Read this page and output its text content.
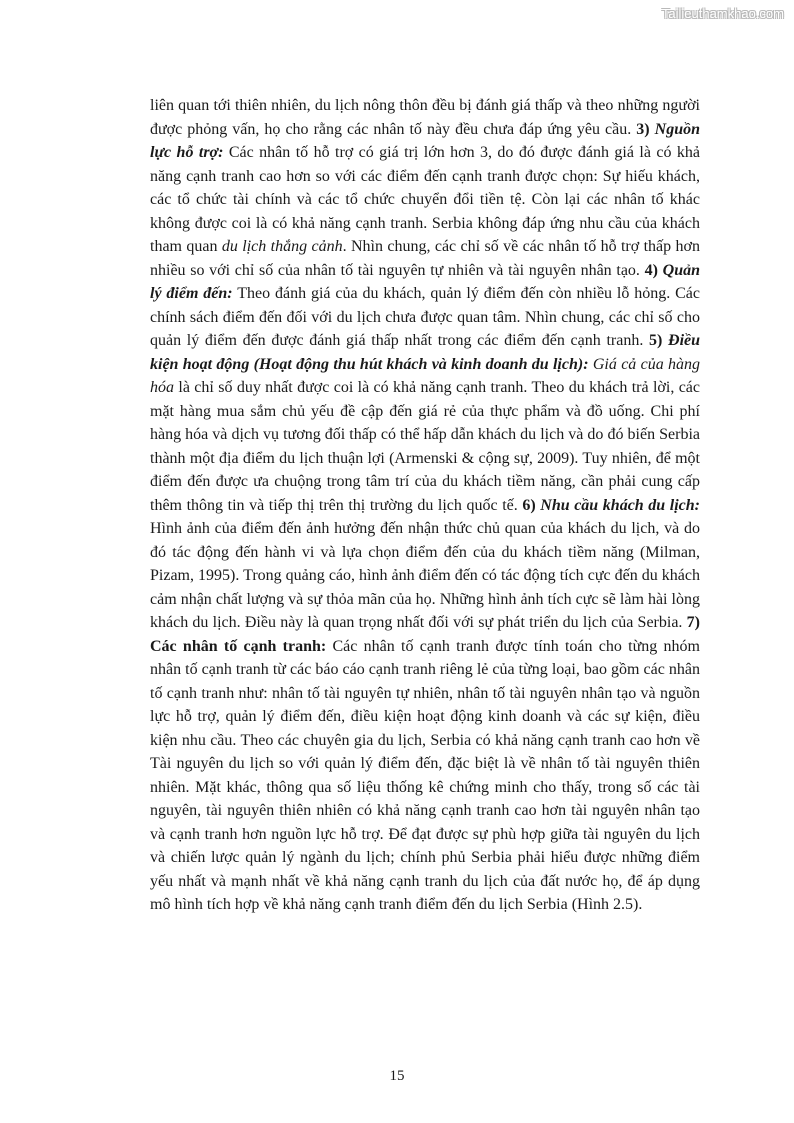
Tailieuthamkhao.com

liên quan tới thiên nhiên, du lịch nông thôn đều bị đánh giá thấp và theo những người được phỏng vấn, họ cho rằng các nhân tố này đều chưa đáp ứng yêu cầu. 3) Nguồn lực hỗ trợ: Các nhân tố hỗ trợ có giá trị lớn hơn 3, do đó được đánh giá là có khả năng cạnh tranh cao hơn so với các điểm đến cạnh tranh được chọn: Sự hiếu khách, các tổ chức tài chính và các tổ chức chuyển đổi tiền tệ. Còn lại các nhân tố khác không được coi là có khả năng cạnh tranh. Serbia không đáp ứng nhu cầu của khách tham quan du lịch thắng cảnh. Nhìn chung, các chỉ số về các nhân tố hỗ trợ thấp hơn nhiều so với chỉ số của nhân tố tài nguyên tự nhiên và tài nguyên nhân tạo. 4) Quản lý điểm đến: Theo đánh giá của du khách, quản lý điểm đến còn nhiều lỗ hỏng. Các chính sách điểm đến đối với du lịch chưa được quan tâm. Nhìn chung, các chỉ số cho quản lý điểm đến được đánh giá thấp nhất trong các điểm đến cạnh tranh. 5) Điều kiện hoạt động (Hoạt động thu hút khách và kinh doanh du lịch): Giá cả của hàng hóa là chỉ số duy nhất được coi là có khả năng cạnh tranh. Theo du khách trả lời, các mặt hàng mua sắm chủ yếu đề cập đến giá rẻ của thực phẩm và đồ uống. Chi phí hàng hóa và dịch vụ tương đối thấp có thể hấp dẫn khách du lịch và do đó biến Serbia thành một địa điểm du lịch thuận lợi (Armenski & cộng sự, 2009). Tuy nhiên, để một điểm đến được ưa chuộng trong tâm trí của du khách tiềm năng, cần phải cung cấp thêm thông tin và tiếp thị trên thị trường du lịch quốc tế. 6) Nhu cầu khách du lịch: Hình ảnh của điểm đến ảnh hưởng đến nhận thức chủ quan của khách du lịch, và do đó tác động đến hành vi và lựa chọn điểm đến của du khách tiềm năng (Milman, Pizam, 1995). Trong quảng cáo, hình ảnh điểm đến có tác động tích cực đến du khách cảm nhận chất lượng và sự thỏa mãn của họ. Những hình ảnh tích cực sẽ làm hài lòng khách du lịch. Điều này là quan trọng nhất đối với sự phát triển du lịch của Serbia. 7) Các nhân tố cạnh tranh: Các nhân tố cạnh tranh được tính toán cho từng nhóm nhân tố cạnh tranh từ các báo cáo cạnh tranh riêng lẻ của từng loại, bao gồm các nhân tố cạnh tranh như: nhân tố tài nguyên tự nhiên, nhân tố tài nguyên nhân tạo và nguồn lực hỗ trợ, quản lý điểm đến, điều kiện hoạt động kinh doanh và các sự kiện, điều kiện nhu cầu. Theo các chuyên gia du lịch, Serbia có khả năng cạnh tranh cao hơn về Tài nguyên du lịch so với quản lý điểm đến, đặc biệt là về nhân tố tài nguyên thiên nhiên. Mặt khác, thông qua số liệu thống kê chứng minh cho thấy, trong số các tài nguyên, tài nguyên thiên nhiên có khả năng cạnh tranh cao hơn tài nguyên nhân tạo và cạnh tranh hơn nguồn lực hỗ trợ. Để đạt được sự phù hợp giữa tài nguyên du lịch và chiến lược quản lý ngành du lịch; chính phủ Serbia phải hiểu được những điểm yếu nhất và mạnh nhất về khả năng cạnh tranh du lịch của đất nước họ, để áp dụng mô hình tích hợp về khả năng cạnh tranh điểm đến du lịch Serbia (Hình 2.5).

15
